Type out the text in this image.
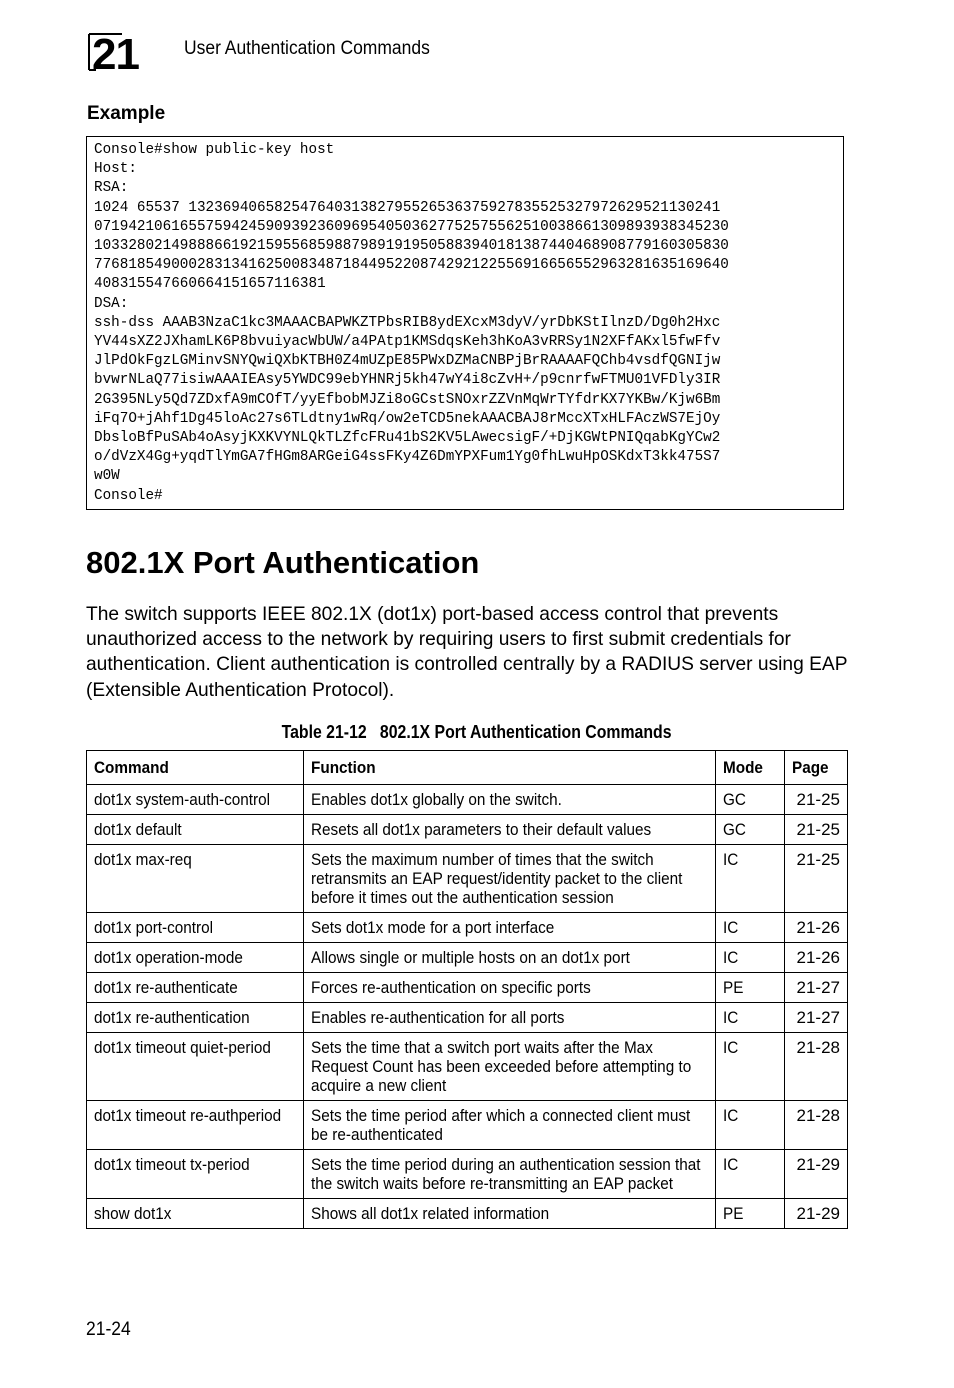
21 User Authentication Commands
Example
Console#show public-key host
Host:
RSA:
1024 65537 13236940658254764031382795526536375927835525327972629521130241
07194210616557594245909392360969540503627752575562510038661309893938345230
10332802149888661921595568598879891919505883940181387440468908779160305830
77681854900028313416250083487184495220874292122556916656552963281635169640
408315547660664151657116381
DSA:
ssh-dss AAAB3NzaC1kc3MAAACBAPWKZTPbsRIB8ydEXcxM3dyV/yrDbKStIlnzD/Dg0h2Hxc
YV44sXZ2JXhamLK6P8bvuiyacWbUW/a4PAtp1KMSdqsKeh3hKoA3vRRSy1N2XFfAKxl5fwFfv
JlPdOkFgzLGMinvSNYQwiQXbKTBH0Z4mUZpE85PWxDZMaCNBPjBrRAAAAFQChb4vsdfQGNIjw
bvwrNLaQ77isiwAAAIEAsy5YWDC99ebYHNRj5kh47wY4i8cZvH+/p9cnrfwFTMU01VFDly3IR
2G395NLy5Qd7ZDxfA9mCOfT/yyEfbobMJZi8oGCstSNOxrZZVnMqWrTYfdrKX7YKBw/Kjw6Bm
iFq7O+jAhf1Dg45loAc27s6TLdtny1wRq/ow2eTCD5nekAAACBAJ8rMccXTxHLFAczWS7EjOy
DbsloBfPuSAb4oAsyjKXKVYNLQkTLZfcFRu41bS2KV5LAwecsigF/+DjKGWtPNIQqabKgYCw2
o/dVzX4Gg+yqdTlYmGA7fHGm8ARGeiG4ssFKy4Z6DmYPXFum1Yg0fhLwuHpOSKdxT3kk475S7
w0W
Console#
802.1X Port Authentication

The switch supports IEEE 802.1X (dot1x) port-based access control that prevents unauthorized access to the network by requiring users to first submit credentials for authentication. Client authentication is controlled centrally by a RADIUS server using EAP (Extensible Authentication Protocol).

Table 21-12   802.1X Port Authentication Commands
Command	Function	Mode	Page
dot1x system-auth-control	Enables dot1x globally on the switch.	GC	21-25
dot1x default	Resets all dot1x parameters to their default values	GC	21-25
dot1x max-req	Sets the maximum number of times that the switch retransmits an EAP request/identity packet to the client before it times out the authentication session	IC	21-25
dot1x port-control	Sets dot1x mode for a port interface	IC	21-26
dot1x operation-mode	Allows single or multiple hosts on an dot1x port	IC	21-26
dot1x re-authenticate	Forces re-authentication on specific ports	PE	21-27
dot1x re-authentication	Enables re-authentication for all ports	IC	21-27
dot1x timeout quiet-period	Sets the time that a switch port waits after the Max Request Count has been exceeded before attempting to acquire a new client	IC	21-28
dot1x timeout re-authperiod	Sets the time period after which a connected client must be re-authenticated	IC	21-28
dot1x timeout tx-period	Sets the time period during an authentication session that the switch waits before re-transmitting an EAP packet	IC	21-29
show dot1x	Shows all dot1x related information	PE	21-29
21-24
